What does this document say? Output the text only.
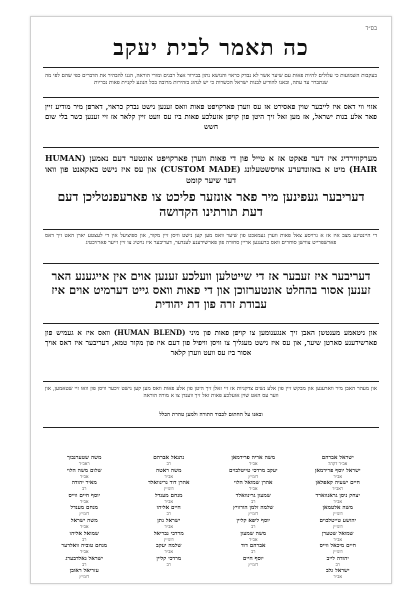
בס״ד
כה תאמר לבית יעקב
בעקבות השמועות כי עלולים להיות פאות עם שיער אשר לא נבדק כראוי והנושא נתון בבירור אצל רבנים ומורי הוראה, הננו להבהיר את הדברים כפי שהם לפי מה שנתברר עד עתה, ובאנו להודיע לבנות ישראל הכשרות כי יש לנהוג בזהירות מרובה בכל הנוגע לקניית פאות נכריות
אזוי ווי דאס איז לייבער שוין פאסירט אז עס ווערן פארקויפט פאות וואס זענען נישט נבדק כראוי, דארפן מיר מודיע זיין פאר אלע בנות ישראל, אז מען זאל זיך היטן פון קויפן אזעלכע פאות ביז עס וועט זיין קלאר אז זיי זענען כשר בלי שום חשש
מערקווירדיג איז דער פאקט אז א טייל פון די פאות ווערן פארקויפט אונטער דעם נאמען (HUMAN HAIR) מיט א באזונדערע אויסשטעלונג (CUSTOM MADE) און עס איז נישט באקאנט פון וואו דער שיער קומט
דעריבער געפינען מיר פאר אונזער פליכט צו פארעפנטליכן דעם דעת תורתינו הקדושה
די היינטיגע מצב איז אז א גרויסע צאל פאות ווערן געמאכט פון שיער וואס מען קען נישט וויסן זיין מקור, און ספיציעל אין די לעצטע יארן האט זיך דאס פארשפרייט צווישן סוחרים וואס ברענגען אריין סחורה פון פארשידענע לענדער, דעריבער איז נויטיג צו זיין זייער פארזיכטיג
דעריבער איז זעבער אז די שייטלען וועלכע זענען אוים אין אייגענע האר זענען אסור בהחלט אונטערזוכן און די פאות וואס גייט דערמיט אוים איז עבודת זרה פון דת יהודית
און ניטאמע מענטשן האבן זיך אנגענומען צו קויפן פאות פון מיני (HUMAN BLEND) וואס איז א געמיש פון פארשידענע סארטן שיער, און עס איז נישט מעגליך צו וויסן וויפיל פון דעם איז פון מקור טמא, דעריבער איז דאס אויך אסור ביז עס וועט ווערן קלאר
און מעהר האבן מיר ווארענען און מבקש זיין פון אלע נשים צדקניות אז זיי זאלן זיך היטן פון אלע פאות וואס מען קען נישט זיכער וויסן פון וואו זיי שטאמען, און ווער עס האט שוין אזעלכע פאות זאל זיך ווענדן צו א מורה הוראה
ובאנו על החתום לכבוד התורה ולמען טהרת הכלל
ישראל אברהם
אב״ד דקהל
ישראל יוסף פרידמאן
אב״ד
חיים ישעיה קאפלאן
ראב״ד
יצחק ניסן גראנווארד
אב״ד
משה אלטמאן
דומ״ץ
יהושע טייטלבוים
דומ״ץ
שמואל שטערן
אב״ד
חיים מיכאל ווייס
דומ״ץ
יהודה לייב
רב
ישראל גלב
אב״ד
משה אריה פרידמאן
אב״ד
יעקב מרדכי טייטלבוים
דומ״ץ
אהרן שמואל הלוי
אב״ד
שמעון גרינוואלד
רב
שלמה זלמן הורוויץ
דומ״ץ
יוסף ליפא קליין
רב
משה שמעון
אב״ד
אברהם דוד
רב
יוסף חיים
דומ״ץ
נתנאל אברהם
רב
משה ראטה
אב״ד
אהרן דוד גרינוואלד
דומ״ץ
מנחם מענדל
אב״ד
חיים אליהו
רב
ישראל נתן
אב״ד
מרדכי גבריאל
דומ״ץ
שלמה יעקב
אב״ד
מרדכי קליין
רב
משה שטערנבוך
ראב״ד
שלום משה הלוי
אב״ד
מאיר יהודה
רב
יוסף חיים ווייס
אב״ד
מנחם מענדל
דומ״ץ
משה ישראל
אב״ד
שמואל אליהו
רב
מנחם טוביה וואלדער
אב״ד
ישראל גאלדבערג
רב
עזריאל ראובן
דומ״ץ
